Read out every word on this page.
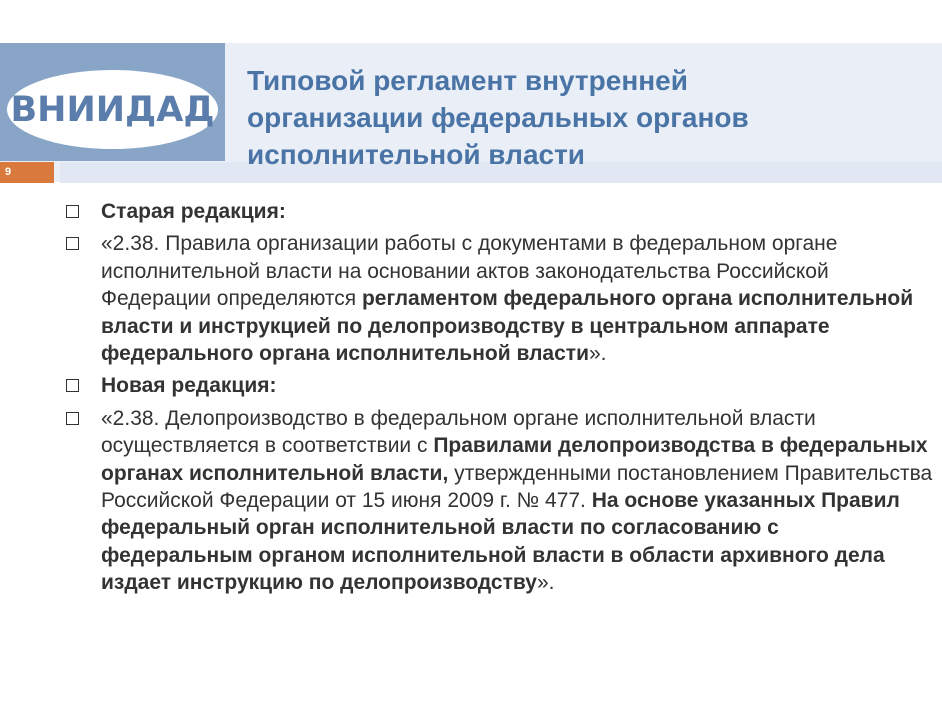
ВНИИДАД
9
Типовой регламент внутренней
организации федеральных органов
исполнительной власти
Старая редакция:
«2.38. Правила организации работы с документами в федеральном органе исполнительной власти на основании актов законодательства Российской Федерации определяются регламентом федерального органа исполнительной власти и инструкцией по делопроизводству в центральном аппарате федерального органа исполнительной власти».
Новая редакция:
«2.38. Делопроизводство в федеральном органе исполнительной власти осуществляется в соответствии с Правилами делопроизводства в федеральных органах исполнительной власти, утвержденными постановлением Правительства Российской Федерации от 15 июня 2009 г. № 477. На основе указанных Правил федеральный орган исполнительной власти по согласованию с федеральным органом исполнительной власти в области архивного дела издает инструкцию по делопроизводству».
